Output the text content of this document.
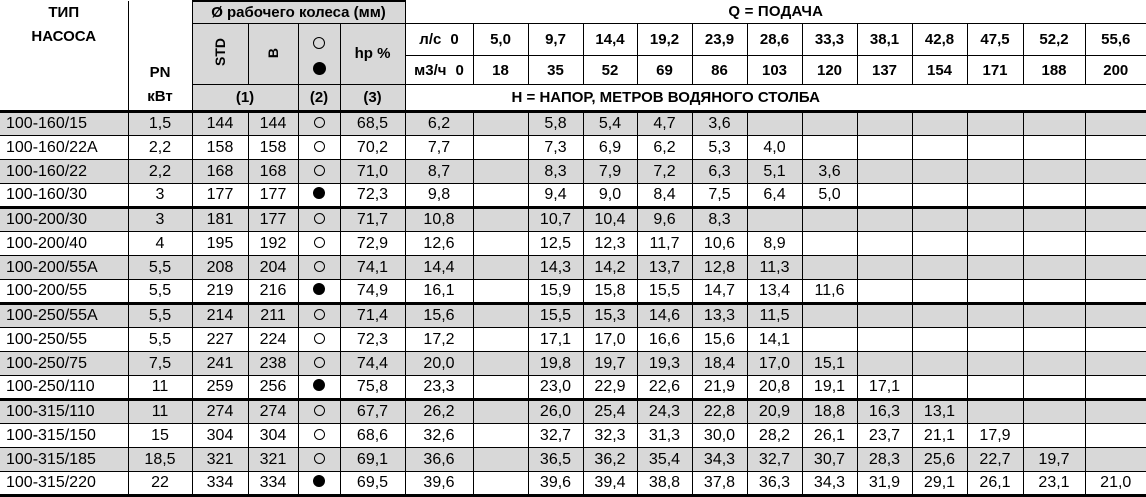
ТИП
НАСОСА

PN
кВт
	Ø рабочего колеса (мм)	Q = ПОДАЧА
		STD	В		hp %	л/с 0	5,0	9,7	14,4	19,2	23,9	28,6	33,3	38,1	42,8	47,5	52,2	55,6
						м3/ч 0	18	35	52	69	86	103	120	137	154	171	188	200
		(1)		(2)	(3)	Н = НАПОР, МЕТРОВ ВОДЯНОГО СТОЛБА												
100-160/15	1,5	144	144		68,5	6,2		5,8	5,4	4,7	3,6							
100-160/22A	2,2	158	158		70,2	7,7		7,3	6,9	6,2	5,3	4,0						
100-160/22	2,2	168	168		71,0	8,7		8,3	7,9	7,2	6,3	5,1	3,6					
100-160/30	3	177	177		72,3	9,8		9,4	9,0	8,4	7,5	6,4	5,0					
100-200/30	3	181	177		71,7	10,8		10,7	10,4	9,6	8,3							
100-200/40	4	195	192		72,9	12,6		12,5	12,3	11,7	10,6	8,9						
100-200/55A	5,5	208	204		74,1	14,4		14,3	14,2	13,7	12,8	11,3						
100-200/55	5,5	219	216		74,9	16,1		15,9	15,8	15,5	14,7	13,4	11,6					
100-250/55A	5,5	214	211		71,4	15,6		15,5	15,3	14,6	13,3	11,5						
100-250/55	5,5	227	224		72,3	17,2		17,1	17,0	16,6	15,6	14,1						
100-250/75	7,5	241	238		74,4	20,0		19,8	19,7	19,3	18,4	17,0	15,1					
100-250/110	11	259	256		75,8	23,3		23,0	22,9	22,6	21,9	20,8	19,1	17,1				
100-315/110	11	274	274		67,7	26,2		26,0	25,4	24,3	22,8	20,9	18,8	16,3	13,1			
100-315/150	15	304	304		68,6	32,6		32,7	32,3	31,3	30,0	28,2	26,1	23,7	21,1	17,9		
100-315/185	18,5	321	321		69,1	36,6		36,5	36,2	35,4	34,3	32,7	30,7	28,3	25,6	22,7	19,7	
100-315/220	22	334	334		69,5	39,6		39,6	39,4	38,8	37,8	36,3	34,3	31,9	29,1	26,1	23,1	21,0
